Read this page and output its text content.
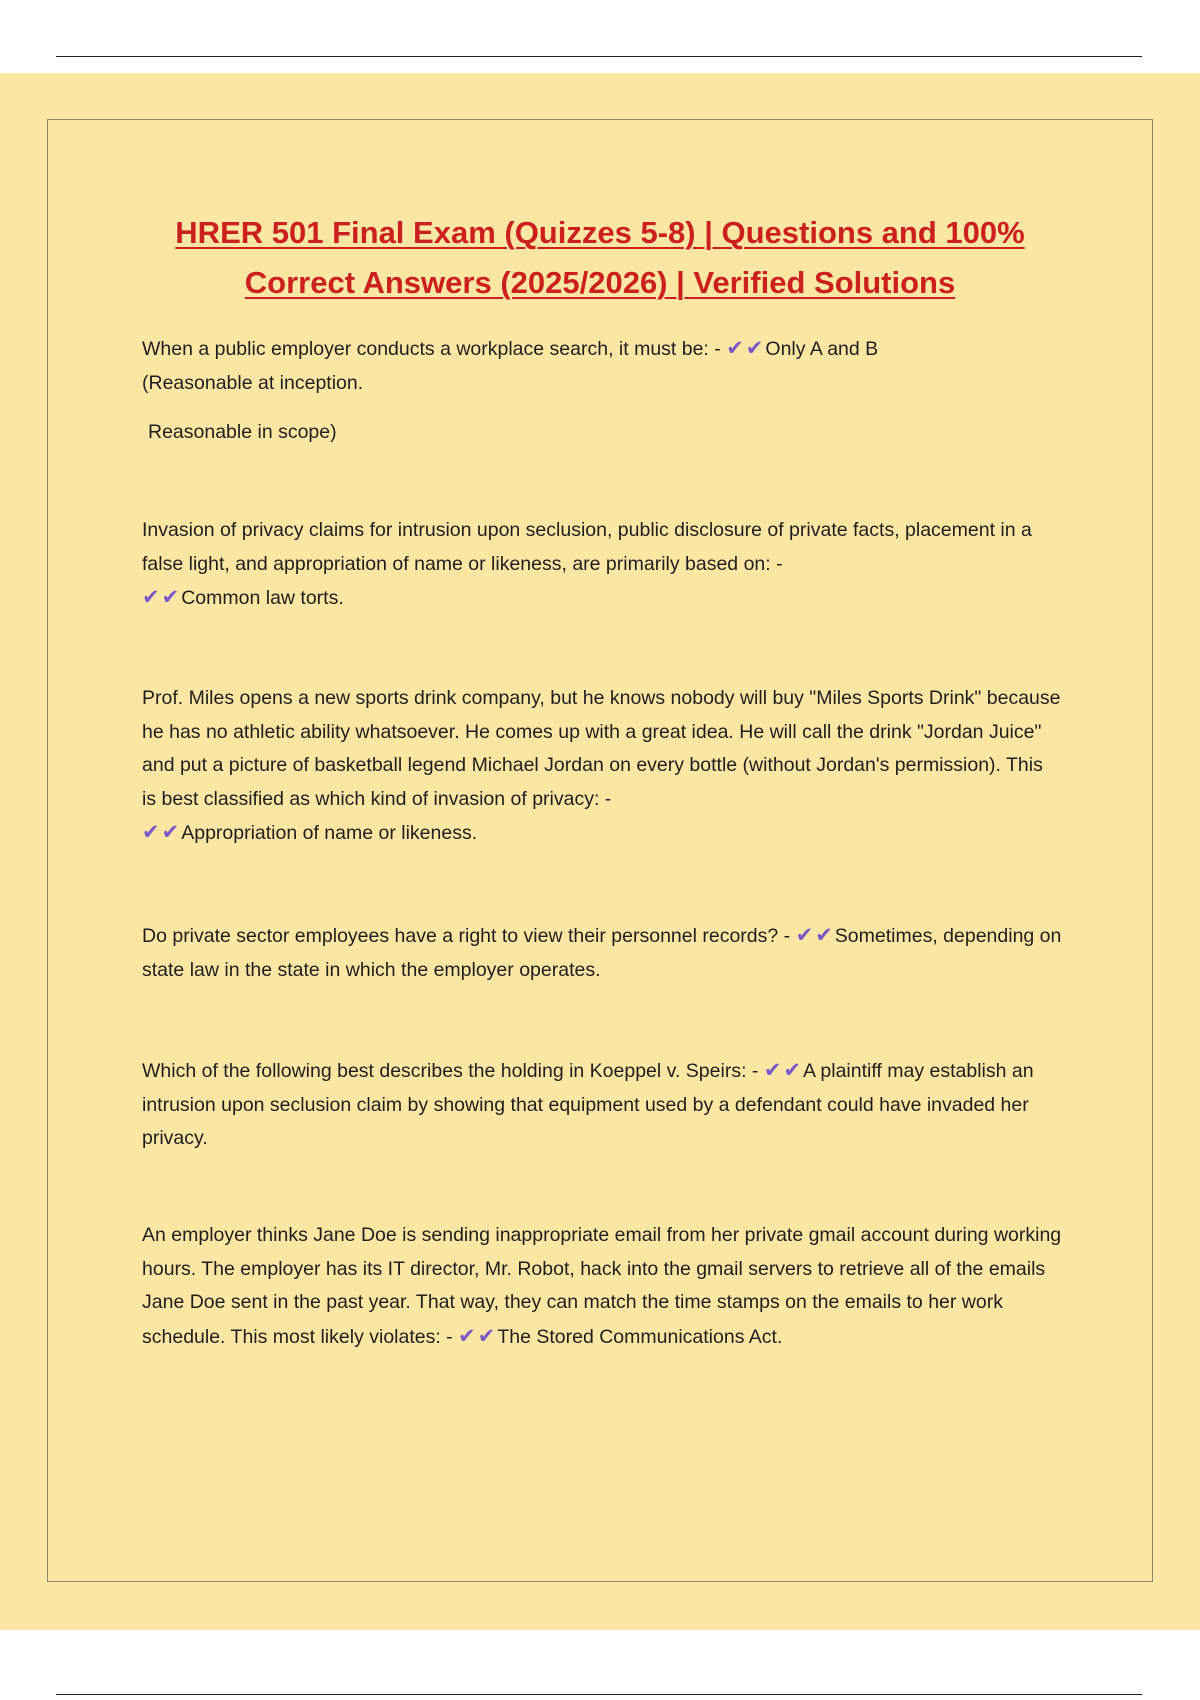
HRER 501 Final Exam (Quizzes 5-8) | Questions and 100%
Correct Answers (2025/2026) | Verified Solutions
When a public employer conducts a workplace search, it must be: - ✔✔ Only A and B
(Reasonable at inception.
Reasonable in scope)
Invasion of privacy claims for intrusion upon seclusion, public disclosure of private facts, placement in a false light, and appropriation of name or likeness, are primarily based on: -
✔✔ Common law torts.
Prof. Miles opens a new sports drink company, but he knows nobody will buy "Miles Sports Drink" because he has no athletic ability whatsoever. He comes up with a great idea. He will call the drink "Jordan Juice" and put a picture of basketball legend Michael Jordan on every bottle (without Jordan's permission). This is best classified as which kind of invasion of privacy: -
✔✔ Appropriation of name or likeness.
Do private sector employees have a right to view their personnel records? - ✔✔ Sometimes, depending on state law in the state in which the employer operates.
Which of the following best describes the holding in Koeppel v. Speirs: - ✔✔ A plaintiff may establish an intrusion upon seclusion claim by showing that equipment used by a defendant could have invaded her privacy.
An employer thinks Jane Doe is sending inappropriate email from her private gmail account during working hours. The employer has its IT director, Mr. Robot, hack into the gmail servers to retrieve all of the emails Jane Doe sent in the past year. That way, they can match the time stamps on the emails to her work schedule. This most likely violates: - ✔✔ The Stored Communications Act.
